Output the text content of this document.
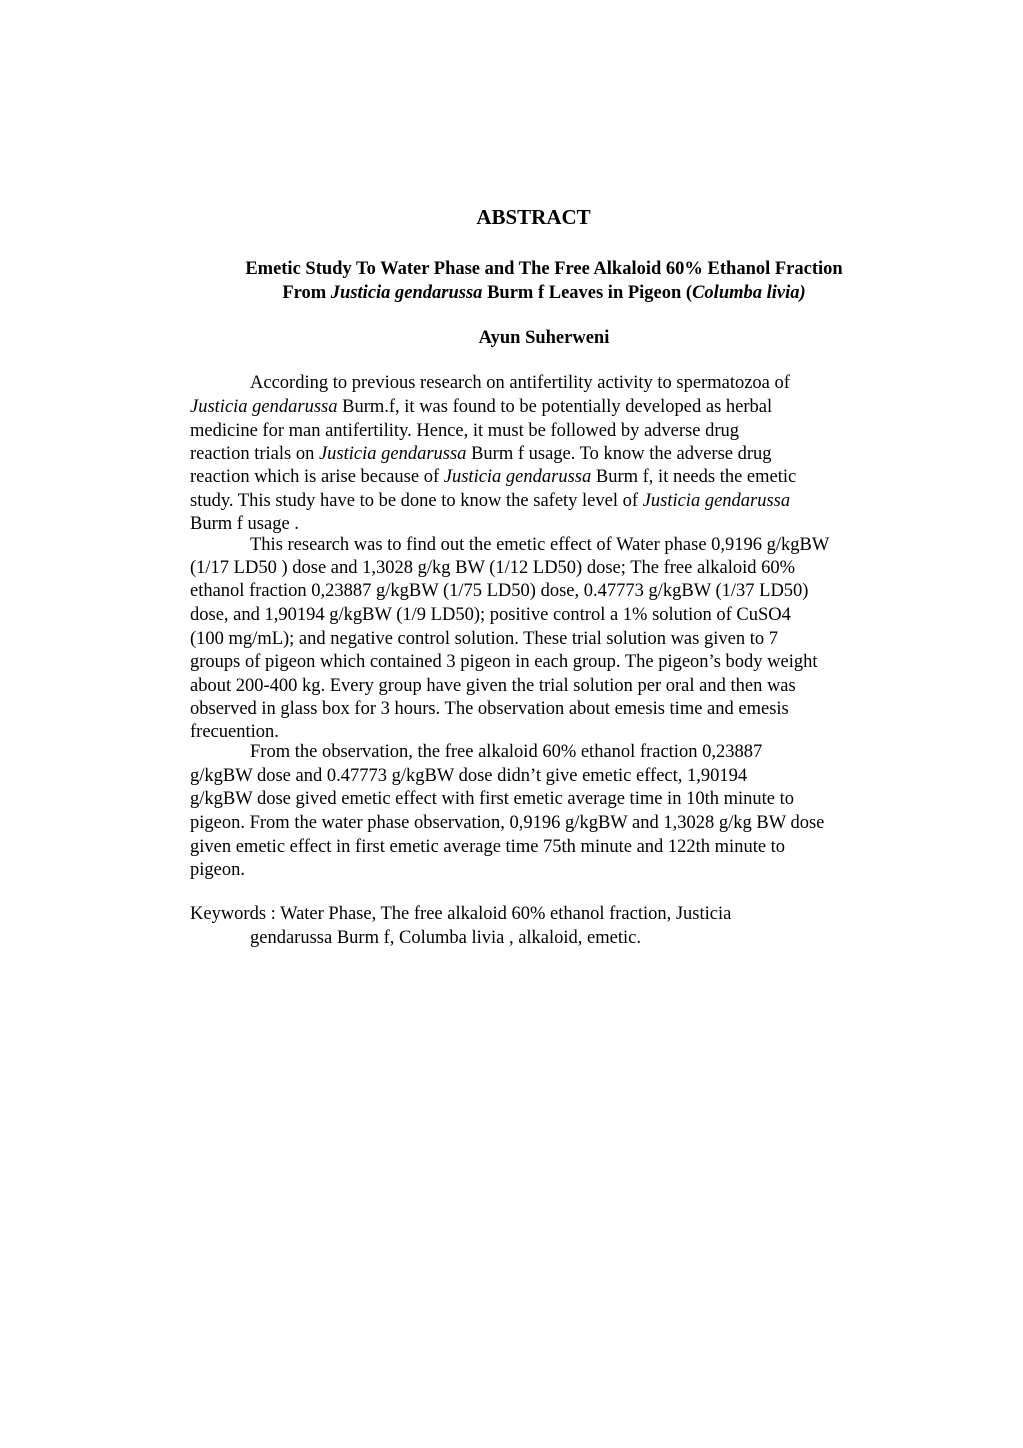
ABSTRACT
Emetic Study To Water Phase and The Free Alkaloid 60% Ethanol Fraction
From Justicia gendarussa Burm f Leaves in Pigeon (Columba livia)
Ayun Suherweni
According to previous research on antifertility activity to spermatozoa of
Justicia gendarussa Burm.f, it was found to be potentially developed as herbal
medicine for man antifertility. Hence, it must be followed by adverse drug
reaction trials on Justicia gendarussa Burm f usage. To know the adverse drug
reaction which is arise because of Justicia gendarussa Burm f, it needs the emetic
study. This study have to be done to know the safety level of Justicia gendarussa
Burm f usage .
This research was to find out the emetic effect of Water phase 0,9196 g/kgBW
(1/17 LD50 ) dose and 1,3028 g/kg BW (1/12 LD50) dose; The free alkaloid 60%
ethanol fraction 0,23887 g/kgBW (1/75 LD50) dose, 0.47773 g/kgBW (1/37 LD50)
dose, and 1,90194 g/kgBW (1/9 LD50); positive control a 1% solution of CuSO4
(100 mg/mL); and negative control solution. These trial solution was given to 7
groups of pigeon which contained 3 pigeon in each group. The pigeon’s body weight
about 200-400 kg. Every group have given the trial solution per oral and then was
observed in glass box for 3 hours. The observation about emesis time and emesis
frecuention.
From the observation, the free alkaloid 60% ethanol fraction 0,23887
g/kgBW dose and 0.47773 g/kgBW dose didn’t give emetic effect, 1,90194
g/kgBW dose gived emetic effect with first emetic average time in 10th minute to
pigeon. From the water phase observation, 0,9196 g/kgBW and 1,3028 g/kg BW dose
given emetic effect in first emetic average time 75th minute and 122th minute to
pigeon.
Keywords : Water Phase, The free alkaloid 60% ethanol fraction, Justicia
gendarussa Burm f, Columba livia , alkaloid, emetic.
